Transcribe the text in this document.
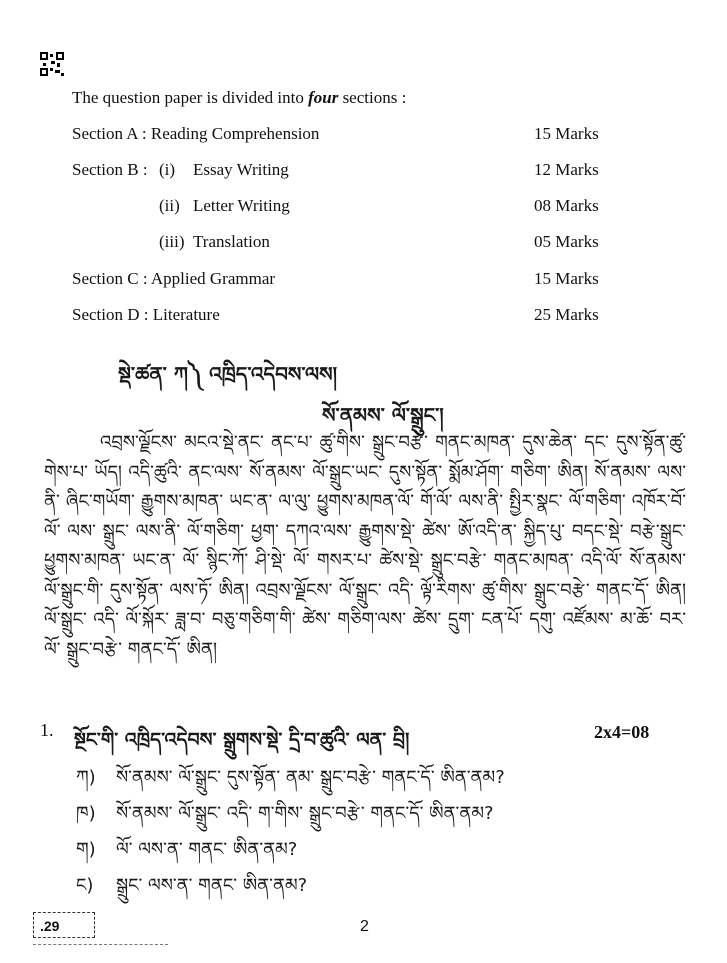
The question paper is divided into four sections :
Section A : Reading Comprehension	15 Marks
Section B : (i) Essay Writing	12 Marks
(ii) Letter Writing	08 Marks
(iii) Translation	05 Marks
Section C : Applied Grammar	15 Marks
Section D : Literature	25 Marks
སྡེ་ཚན་ ཀ༽ འཁྲིད་འདེབས་ལས།
སོ་ནམས་ ལོ་སྒྲུང་།
འབྲས་ལྗོངས་ མངའ་སྡེ་ནང་ ནང་པ་ ཚུ་གིས་ སྒྲུང་བརྩེ་ གནང་མཁན་ དུས་ཆེན་ དང་ དུས་སྟོན་ཚུ་ གེས་པ་ ཡོད། འདི་ཚུའི་ ནང་ལས་ སོ་ནམས་ ལོ་སྒྲུང་ཡང་ དུས་སྟོན་ སྨོམ་ཤོག་ གཅིག་ ཨིན། སོ་ནམས་ ལས་ནི་ ཞིང་གཡོག་ རྒྱུགས་མཁན་ ཡང་ན་ ལ་ལུ་ ཕྱུགས་མཁན་ལོ་ གོ་ལོ་ ལས་ནི་ སྤྱིར་སྣང་ ལོ་གཅིག་ འཁོར་བོ་ལོ་ ལས་ སྒྲུང་ ལས་ནི་ ལོ་གཅིག་ ཕྱག་ དཀའ་ལས་ རྒྱུགས་སྡེ་ ཚེས་ ཨོ་འདི་ན་ སྐྱིད་པུ་ བདང་སྡེ་ བརྩེ་སྒྲུང་ ཕྱུགས་མཁན་ ཡང་ན་ ལོ་ སྙིང་ཀོ་ ཤི་སྡེ་ ལོ་ གསར་པ་ ཚེས་སྡེ་ སྒྲུང་བརྩེ་ གནང་མཁན་ འདི་ལོ་ སོ་ནམས་ ལོ་སྒྲུང་གི་ དུས་སྟོན་ ལས་ཏོ་ ཨིན། འབྲས་ལྗོངས་ ལོ་སྒྲུང་ འདི་ ལྟོ་རིགས་ ཚུ་གིས་ སྒྲུང་བརྩེ་ གནང་དོ་ ཨིན། ལོ་སྒྲུང་ འདི་ ལོ་སྐོར་ ཟླ་བ་ བཅུ་གཅིག་གི་ ཚེས་ གཅིག་ལས་ ཚེས་ དྲུག་ ངན་པོ་ དགུ་ འཛོམས་ མ་ཆོ་ བར་ལོ་ སྒྲུང་བརྩེ་ གནང་དོ་ ཨིན།
1. སྔོང་གི་ འཁྲིད་འདེབས་ སྒྲུགས་སྡེ་ དྲི་བ་ཚུའི་ ལན་ བྲི།	2x4=08
ཀ) སོ་ནམས་ ལོ་སྒྲུང་ དུས་སྟོན་ ནམ་ སྒྲུང་བརྩེ་ གནང་དོ་ ཨིན་ནམ?
ཁ) སོ་ནམས་ ལོ་སྒྲུང་ འདི་ ག་གིས་ སྒྲུང་བརྩེ་ གནང་དོ་ ཨིན་ནམ?
ག) ལོ་ ལས་ན་ གནང་ ཨིན་ནམ?
ང) སྒྲུང་ ལས་ན་ གནང་ ཨིན་ནམ?
.29	2
